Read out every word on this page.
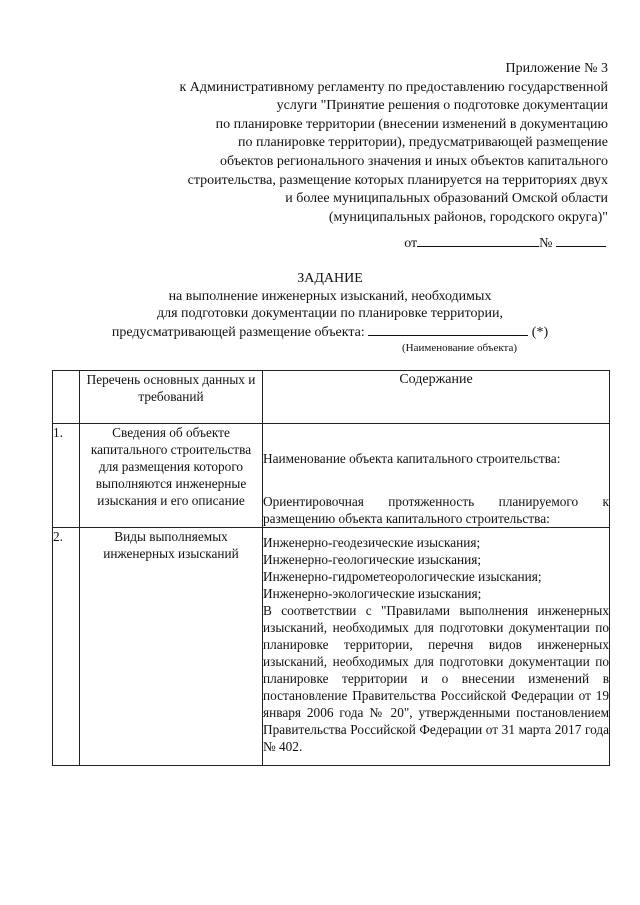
Приложение № 3
к Административному регламенту по предоставлению государственной
услуги "Принятие решения о подготовке документации
по планировке территории (внесении изменений в документацию
по планировке территории), предусматривающей размещение
объектов регионального значения и иных объектов капитального
строительства, размещение которых планируется на территориях двух
и более муниципальных образований Омской области
(муниципальных районов, городского округа)"
от	№
ЗАДАНИЕ
на выполнение инженерных изысканий, необходимых
для подготовки документации по планировке территории,
предусматривающей размещение объекта:	(*)
(Наименование объекта)
	Перечень основных данных и требований	Содержание
1.	Сведения об объекте капитального строительства для размещения которого выполняются инженерные изыскания и его описание	Наименование объекта капитального строительства:
Ориентировочная протяженность планируемого к размещению объекта капитального строительства:

2.	Виды выполняемых инженерных изысканий	Инженерно-геодезические изыскания;
Инженерно-геологические изыскания;
Инженерно-гидрометеорологические изыскания;
Инженерно-экологические изыскания;
В соответствии с "Правилами выполнения инженерных изысканий, необходимых для подготовки документации по планировке территории, перечня видов инженерных изысканий, необходимых для подготовки документации по планировке территории и о внесении изменений в постановление Правительства Российской Федерации от 19 января 2006 года № 20", утвержденными постановлением Правительства Российской Федерации от 31 марта 2017 года № 402.
